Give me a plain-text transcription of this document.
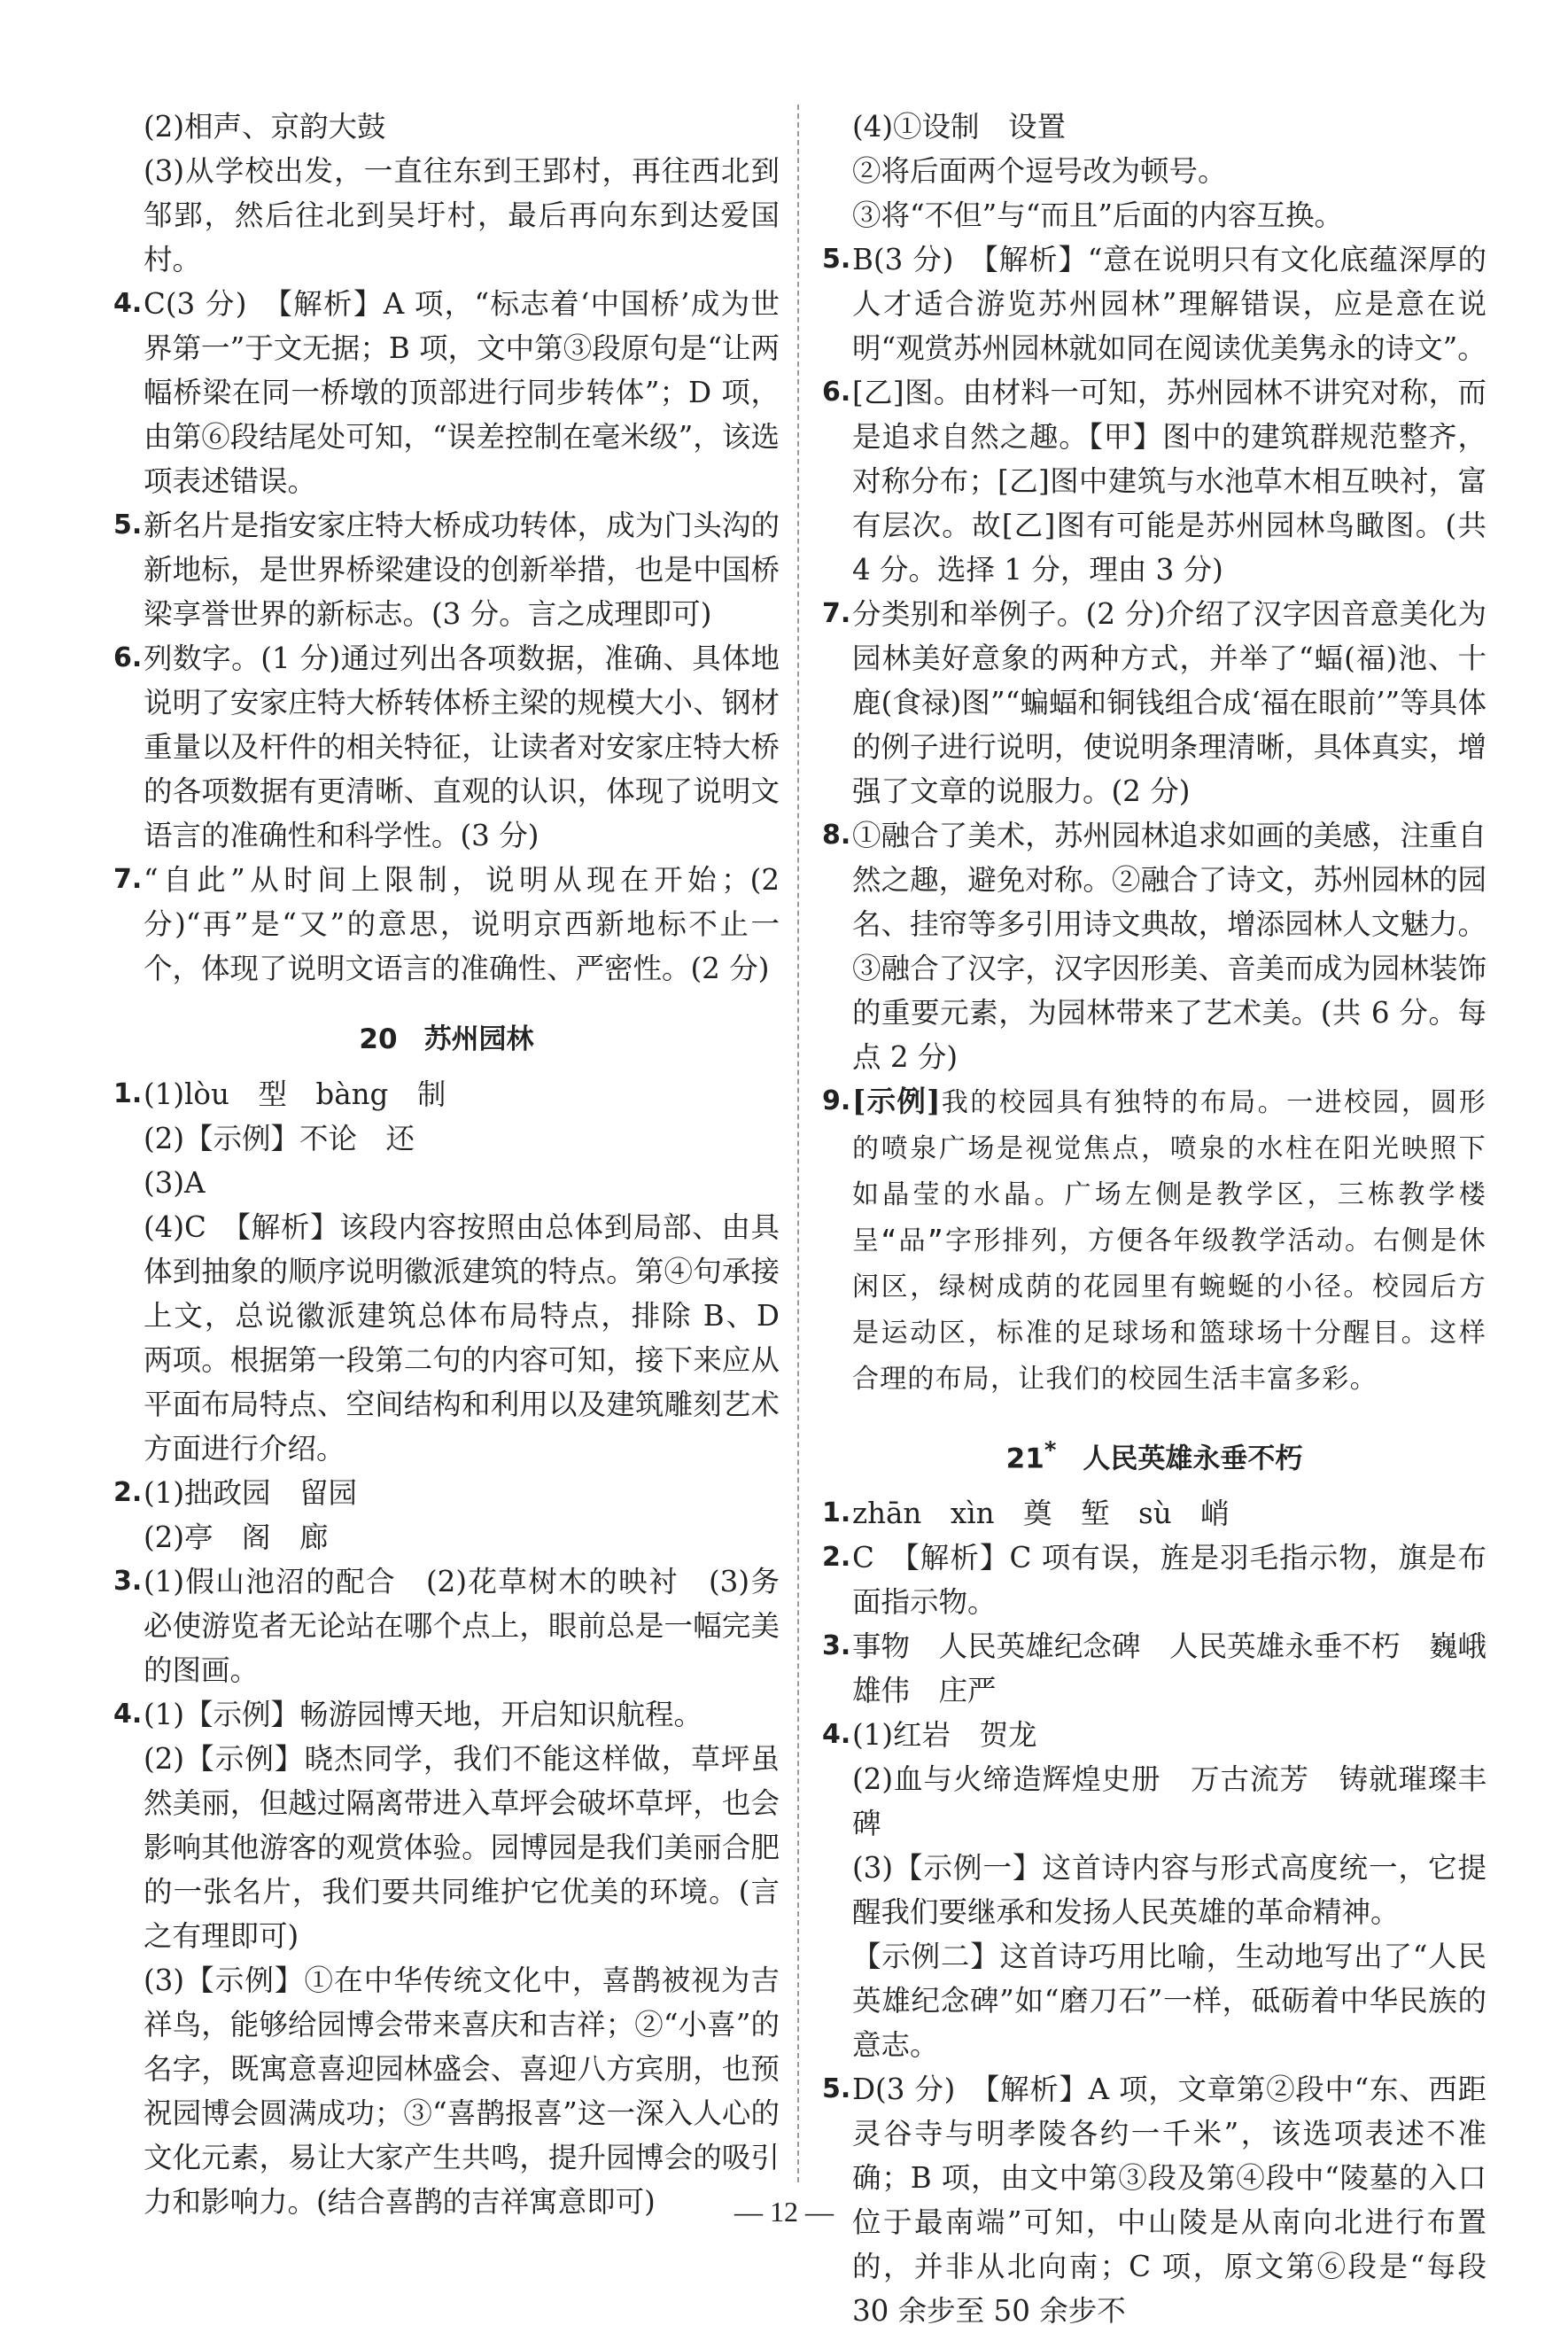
(2)相声、京韵大鼓
(3)从学校出发，一直往东到王郢村，再往西北到邹郢，然后往北到吴圩村，最后再向东到达爱国村。
4. C(3 分)　【解析】A 项，“标志着‘中国桥’成为世界第一”于文无据；B 项，文中第③段原句是“让两幅桥梁在同一桥墩的顶部进行同步转体”；D 项，由第⑥段结尾处可知，“误差控制在毫米级”，该选项表述错误。
5. 新名片是指安家庄特大桥成功转体，成为门头沟的新地标，是世界桥梁建设的创新举措，也是中国桥梁享誉世界的新标志。(3 分。言之成理即可)
6. 列数字。(1 分)通过列出各项数据，准确、具体地说明了安家庄特大桥转体桥主梁的规模大小、钢材重量以及杆件的相关特征，让读者对安家庄特大桥的各项数据有更清晰、直观的认识，体现了说明文语言的准确性和科学性。(3 分)
7. “自此”从时间上限制，说明从现在开始；(2 分)“再”是“又”的意思，说明京西新地标不止一个，体现了说明文语言的准确性、严密性。(2 分)
20 苏州园林
1. (1)lòu　型　bàng　制
(2)【示例】不论　还
(3)A
(4)C　【解析】该段内容按照由总体到局部、由具体到抽象的顺序说明徽派建筑的特点。第④句承接上文，总说徽派建筑总体布局特点，排除 B、D 两项。根据第一段第二句的内容可知，接下来应从平面布局特点、空间结构和利用以及建筑雕刻艺术方面进行介绍。
2. (1)拙政园　留园
(2)亭　阁　廊
3. (1)假山池沼的配合　(2)花草树木的映衬　(3)务必使游览者无论站在哪个点上，眼前总是一幅完美的图画。
4. (1)【示例】畅游园博天地，开启知识航程。
(2)【示例】晓杰同学，我们不能这样做，草坪虽然美丽，但越过隔离带进入草坪会破坏草坪，也会影响其他游客的观赏体验。园博园是我们美丽合肥的一张名片，我们要共同维护它优美的环境。(言之有理即可)
(3)【示例】①在中华传统文化中，喜鹊被视为吉祥鸟，能够给园博会带来喜庆和吉祥；②“小喜”的名字，既寓意喜迎园林盛会、喜迎八方宾朋，也预祝园博会圆满成功；③“喜鹊报喜”这一深入人心的文化元素，易让大家产生共鸣，提升园博会的吸引力和影响力。(结合喜鹊的吉祥寓意即可)
(4)①设制　设置
②将后面两个逗号改为顿号。
③将“不但”与“而且”后面的内容互换。
5. B(3 分)　【解析】“意在说明只有文化底蕴深厚的人才适合游览苏州园林”理解错误，应是意在说明“观赏苏州园林就如同在阅读优美隽永的诗文”。
6. [乙]图。由材料一可知，苏州园林不讲究对称，而是追求自然之趣。【甲】图中的建筑群规范整齐，对称分布；[乙]图中建筑与水池草木相互映衬，富有层次。故[乙]图有可能是苏州园林鸟瞰图。(共 4 分。选择 1 分，理由 3 分)
7. 分类别和举例子。(2 分)介绍了汉字因音意美化为园林美好意象的两种方式，并举了“蝠(福)池、十鹿(食禄)图”“蝙蝠和铜钱组合成‘福在眼前’”等具体的例子进行说明，使说明条理清晰，具体真实，增强了文章的说服力。(2 分)
8. ①融合了美术，苏州园林追求如画的美感，注重自然之趣，避免对称。②融合了诗文，苏州园林的园名、挂帘等多引用诗文典故，增添园林人文魅力。③融合了汉字，汉字因形美、音美而成为园林装饰的重要元素，为园林带来了艺术美。(共 6 分。每点 2 分)
9. [示例]我的校园具有独特的布局。一进校园，圆形的喷泉广场是视觉焦点，喷泉的水柱在阳光映照下如晶莹的水晶。广场左侧是教学区，三栋教学楼呈“品”字形排列，方便各年级教学活动。右侧是休闲区，绿树成荫的花园里有蜿蜒的小径。校园后方是运动区，标准的足球场和篮球场十分醒目。这样合理的布局，让我们的校园生活丰富多彩。
21* 人民英雄永垂不朽
1. zhān　xìn　奠　堑　sù　峭
2. C　【解析】C 项有误，旌是羽毛指示物，旗是布面指示物。
3. 事物　人民英雄纪念碑　人民英雄永垂不朽　巍峨雄伟　庄严
4. (1)红岩　贺龙
(2)血与火缔造辉煌史册　万古流芳　铸就璀璨丰碑
(3)【示例一】这首诗内容与形式高度统一，它提醒我们要继承和发扬人民英雄的革命精神。
【示例二】这首诗巧用比喻，生动地写出了“人民英雄纪念碑”如“磨刀石”一样，砥砺着中华民族的意志。
5. D(3 分)　【解析】A 项，文章第②段中“东、西距灵谷寺与明孝陵各约一千米”，该选项表述不准确；B 项，由文中第③段及第④段中“陵墓的入口位于最南端”可知，中山陵是从南向北进行布置的，并非从北向南；C 项，原文第⑥段是“每段 30 余步至 50 余步不
— 12 —
